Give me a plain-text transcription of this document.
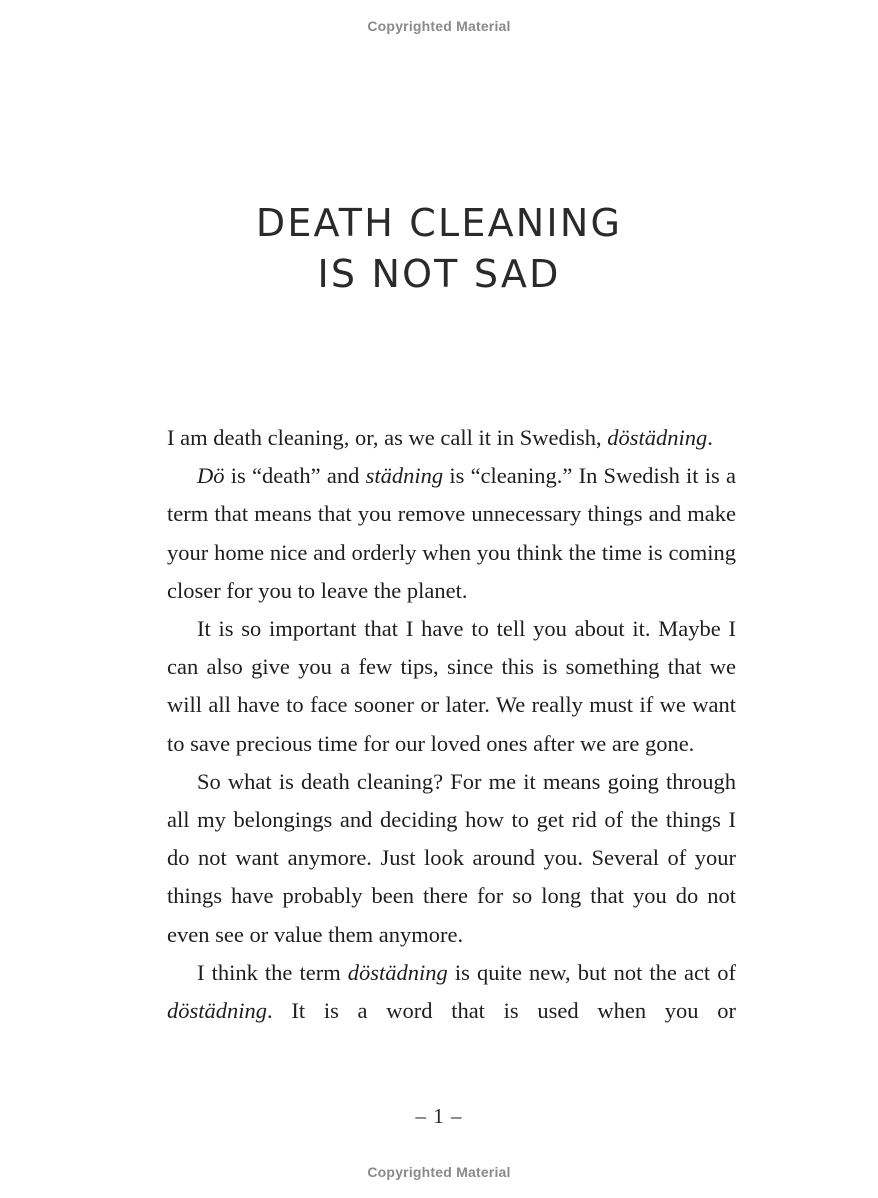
Copyrighted Material
DEATH CLEANING
IS NOT SAD

I am death cleaning, or, as we call it in Swedish, döstädning.

Dö is “death” and städning is “cleaning.” In Swedish it is a term that means that you remove unnecessary things and make your home nice and orderly when you think the time is coming closer for you to leave the planet.

It is so important that I have to tell you about it. Maybe I can also give you a few tips, since this is something that we will all have to face sooner or later. We really must if we want to save precious time for our loved ones after we are gone.

So what is death cleaning? For me it means going through all my belongings and deciding how to get rid of the things I do not want anymore. Just look around you. Several of your things have probably been there for so long that you do not even see or value them anymore.

I think the term döstädning is quite new, but not the act of döstädning. It is a word that is used when you or

– 1 –
Copyrighted Material
